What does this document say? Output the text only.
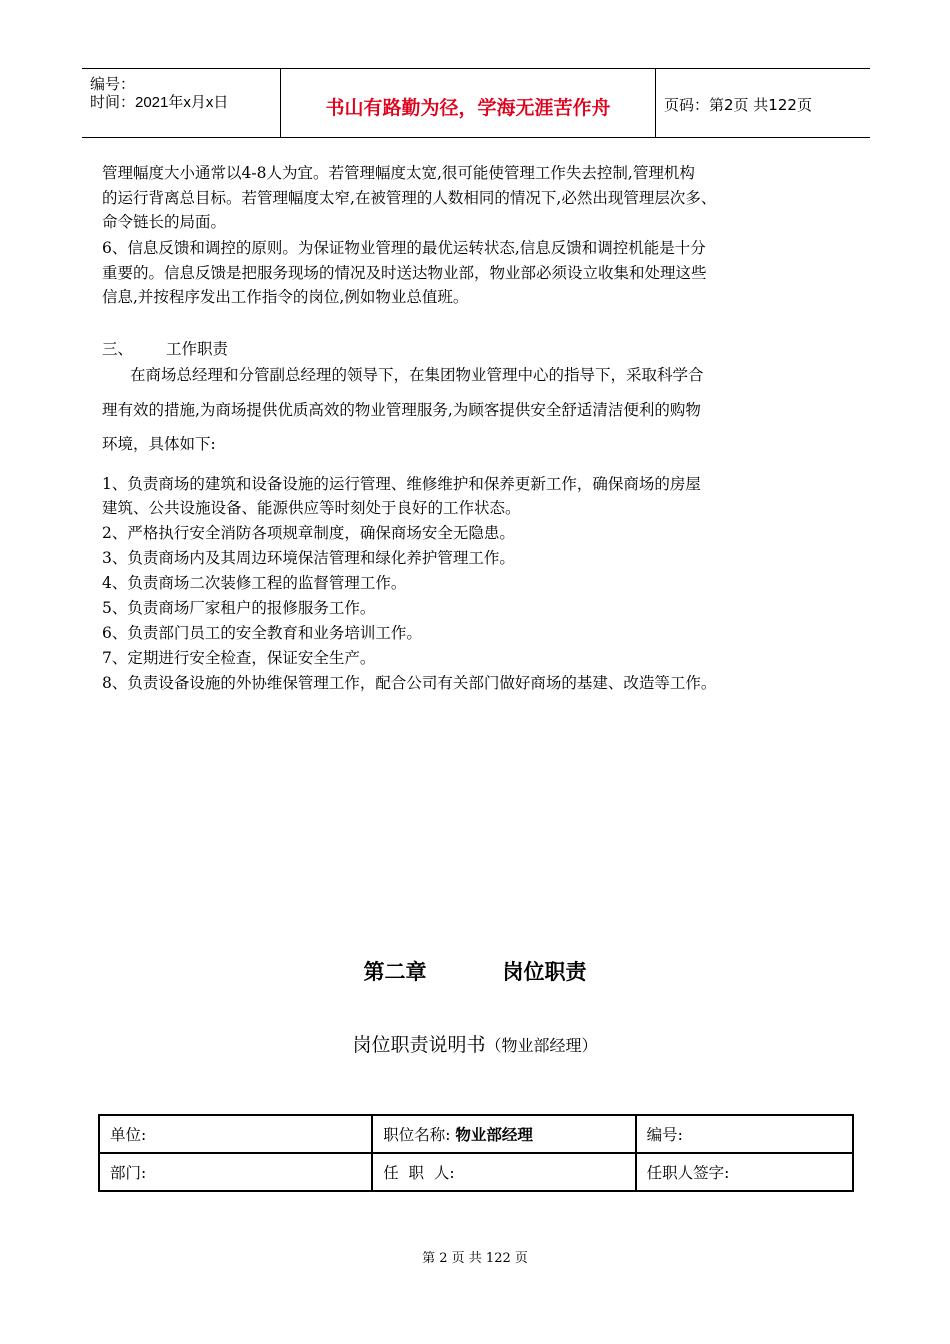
编号：
时间：2021年x月x日	书山有路勤为径，学海无涯苦作舟	页码：第2页 共122页
管理幅度大小通常以4-8人为宜。若管理幅度太宽,很可能使管理工作失去控制,管理机构
的运行背离总目标。若管理幅度太窄,在被管理的人数相同的情况下,必然出现管理层次多、
命令链长的局面。
6、信息反馈和调控的原则。为保证物业管理的最优运转状态,信息反馈和调控机能是十分
重要的。信息反馈是把服务现场的情况及时送达物业部，物业部必须设立收集和处理这些
信息,并按程序发出工作指令的岗位,例如物业总值班。
三、 工作职责
在商场总经理和分管副总经理的领导下，在集团物业管理中心的指导下，采取科学合
理有效的措施,为商场提供优质高效的物业管理服务,为顾客提供安全舒适清洁便利的购物
环境，具体如下:
1、负责商场的建筑和设备设施的运行管理、维修维护和保养更新工作，确保商场的房屋
建筑、公共设施设备、能源供应等时刻处于良好的工作状态。
2、严格执行安全消防各项规章制度，确保商场安全无隐患。
3、负责商场内及其周边环境保洁管理和绿化养护管理工作。
4、负责商场二次装修工程的监督管理工作。
5、负责商场厂家租户的报修服务工作。
6、负责部门员工的安全教育和业务培训工作。
7、定期进行安全检查，保证安全生产。
8、负责设备设施的外协维保管理工作，配合公司有关部门做好商场的基建、改造等工作。
第二章	岗位职责
岗位职责说明书（物业部经理）
单位:	职位名称: 物业部经理	编号:
部门:	任  职  人:	任职人签字:
第 2 页 共 122 页
